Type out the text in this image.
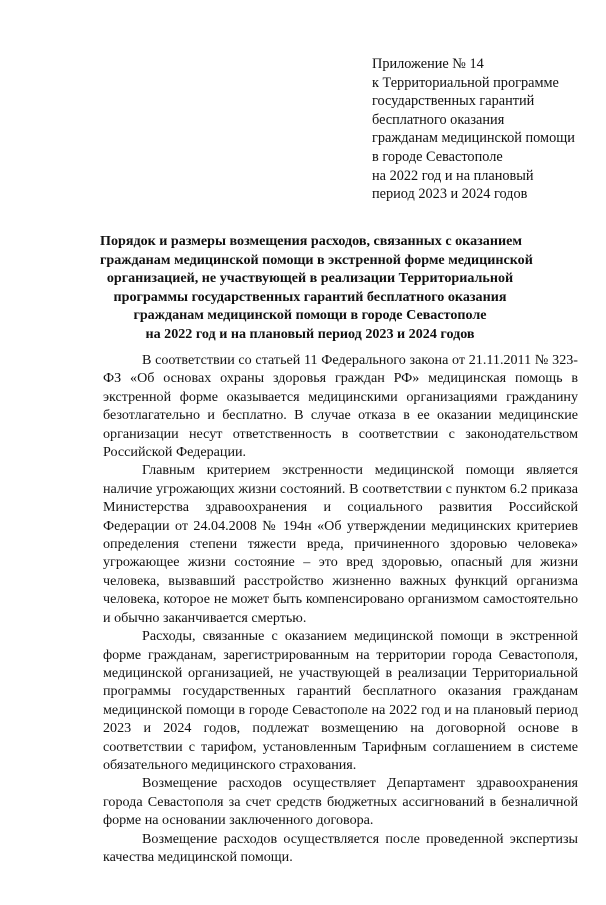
Приложение № 14
к Территориальной программе
государственных гарантий
бесплатного оказания
гражданам медицинской помощи
в городе Севастополе
на 2022 год и на плановый
период 2023 и 2024 годов
Порядок и размеры возмещения расходов, связанных с оказанием
гражданам медицинской помощи в экстренной форме медицинской
организацией, не участвующей в реализации Территориальной
программы государственных гарантий бесплатного оказания
гражданам медицинской помощи в городе Севастополе
на 2022 год и на плановый период 2023 и 2024 годов

В соответствии со статьей 11 Федерального закона от 21.11.2011 № 323-ФЗ «Об основах охраны здоровья граждан РФ» медицинская помощь в экстренной форме оказывается медицинскими организациями гражданину безотлагательно и бесплатно. В случае отказа в ее оказании медицинские организации несут ответственность в соответствии с законодательством Российской Федерации.

Главным критерием экстренности медицинской помощи является наличие угрожающих жизни состояний. В соответствии с пунктом 6.2 приказа Министерства здравоохранения и социального развития Российской Федерации от 24.04.2008 № 194н «Об утверждении медицинских критериев определения степени тяжести вреда, причиненного здоровью человека» угрожающее жизни состояние – это вред здоровью, опасный для жизни человека, вызвавший расстройство жизненно важных функций организма человека, которое не может быть компенсировано организмом самостоятельно и обычно заканчивается смертью.

Расходы, связанные с оказанием медицинской помощи в экстренной форме гражданам, зарегистрированным на территории города Севастополя, медицинской организацией, не участвующей в реализации Территориальной программы государственных гарантий бесплатного оказания гражданам медицинской помощи в городе Севастополе на 2022 год и на плановый период 2023 и 2024 годов, подлежат возмещению на договорной основе в соответствии с тарифом, установленным Тарифным соглашением в системе обязательного медицинского страхования.

Возмещение расходов осуществляет Департамент здравоохранения города Севастополя за счет средств бюджетных ассигнований в безналичной форме на основании заключенного договора.

Возмещение расходов осуществляется после проведенной экспертизы качества медицинской помощи.
